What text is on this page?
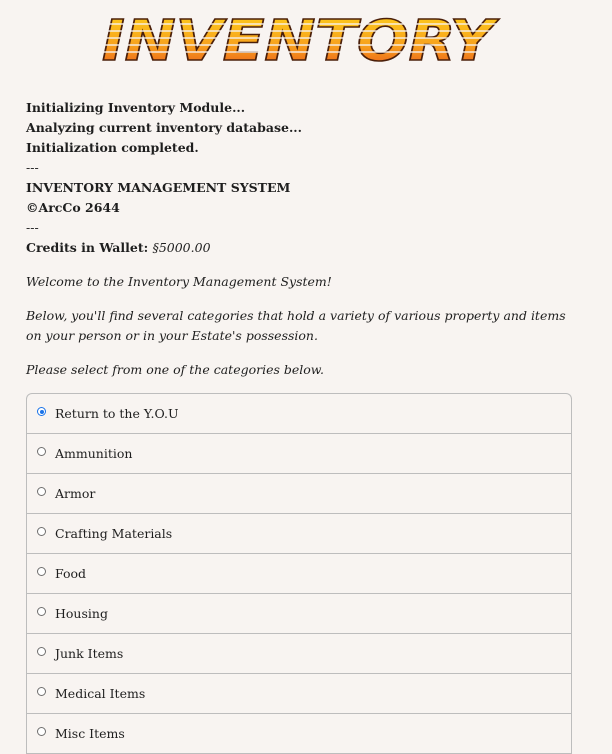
INVENTORY
Initializing Inventory Module...
Analyzing current inventory database...
Initialization completed.
---
INVENTORY MANAGEMENT SYSTEM
©ArcCo 2644
---
Credits in Wallet: §5000.00

Welcome to the Inventory Management System!

Below, you'll find several categories that hold a variety of various property and items on your person or in your Estate's possession.

Please select from one of the categories below.

Return to the Y.O.U
Ammunition
Armor
Crafting Materials
Food
Housing
Junk Items
Medical Items
Misc Items
